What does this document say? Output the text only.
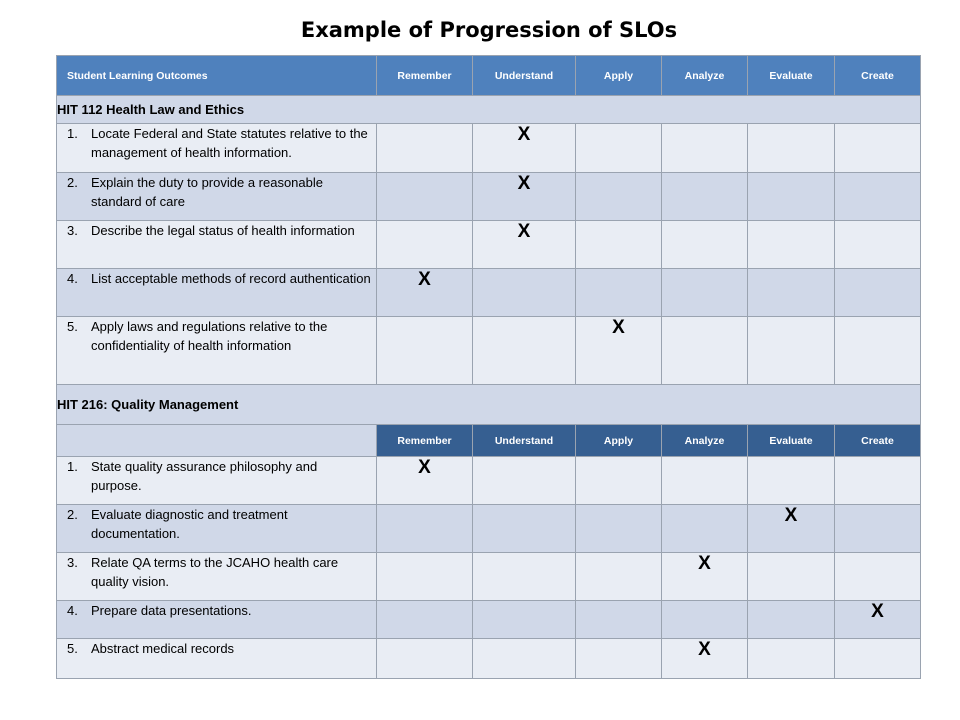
Example of Progression of SLOs
Student Learning Outcomes	Remember	Understand	Apply	Analyze	Evaluate	Create
HIT 112 Health Law and Ethics						
1. Locate Federal and State statutes relative to the management of health information.		X				
2. Explain the duty to provide a reasonable standard of care		X				
3. Describe the legal status of health information		X				
4. List acceptable methods of record authentication	X					
5. Apply laws and regulations relative to the confidentiality of health information			X			
HIT 216: Quality Management						
	Remember	Understand	Apply	Analyze	Evaluate	Create
1. State quality assurance philosophy and purpose.	X					
2. Evaluate diagnostic and treatment documentation.					X	
3. Relate QA terms to the JCAHO health care quality vision.				X		
4. Prepare data presentations.						X
5. Abstract medical records				X		
